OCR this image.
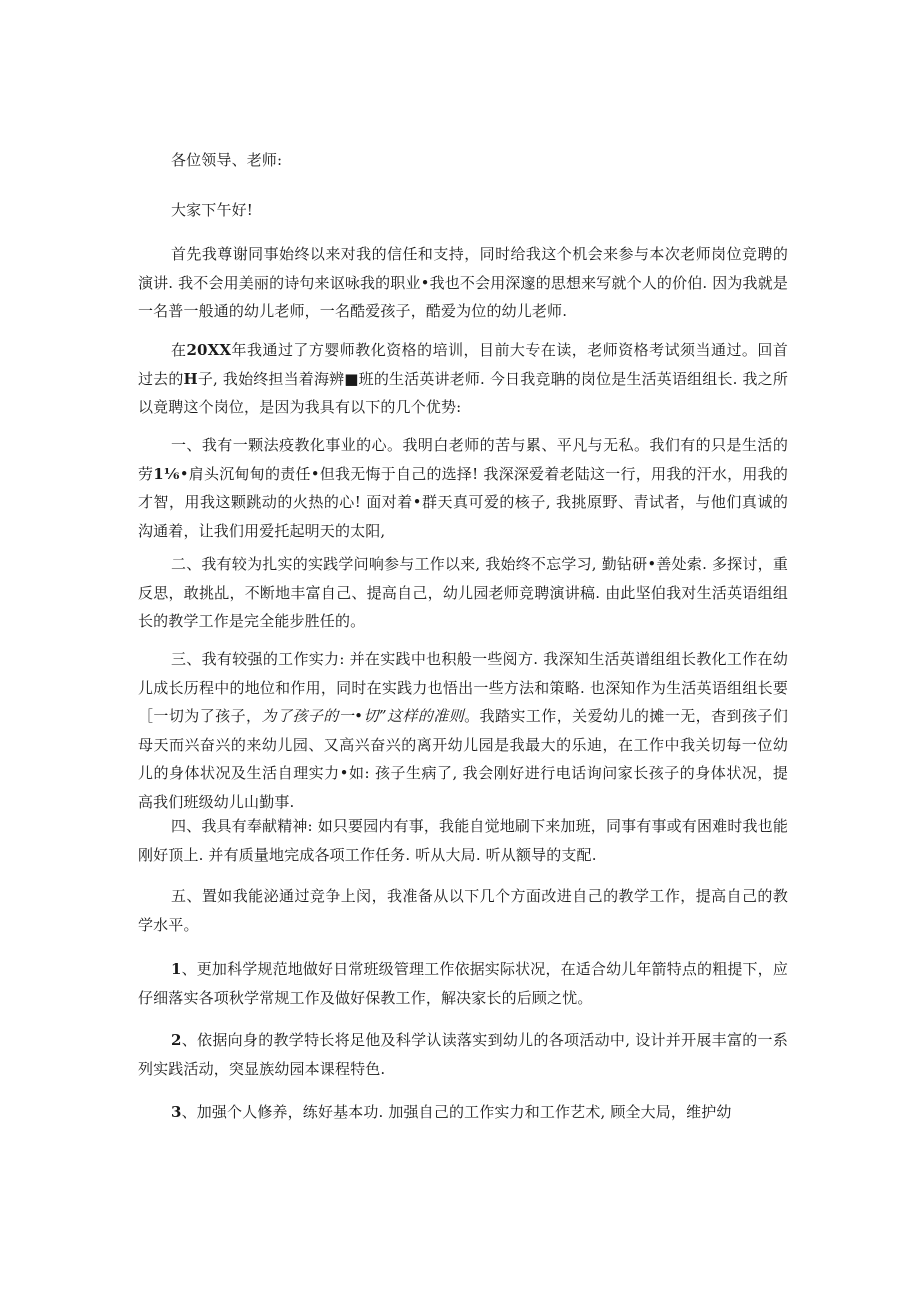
各位领导、老师:

大家下午好!

首先我尊谢同事始终以来对我的信任和支持，同时给我这个机会来参与本次老师岗位竞聘的演讲. 我不会用美丽的诗句来讴咏我的职业•我也不会用深邃的思想来写就个人的价伯. 因为我就是一名普一般通的幼儿老师，一名酷爱孩子，酷爱为位的幼儿老师.

在20XX年我通过了方婴师教化资格的培训，目前大专在读，老师资格考试须当通过。回首过去的H子, 我始终担当着海辨■班的生活英讲老师. 今日我竞聃的岗位是生活英语组组长. 我之所以竟聘这个岗位，是因为我具有以下的几个优势:

一、我有一颗法疫教化事业的心。我明白老师的苦与累、平凡与无私。我们有的只是生活的劳1⅙•肩头沉甸甸的责任•但我无悔于自己的选择! 我深深爱着老陆这一行，用我的汗水，用我的才智，用我这颗跳动的火热的心! 面对着•群天真可爱的核子, 我挑原野、青试者，与他们真诚的沟通着，让我们用爱托起明天的太阳,

二、我有较为扎实的实践学问响参与工作以来, 我始终不忘学习, 勤钻研•善处索. 多探讨，重反思，敢挑乩，不断地丰富自己、提高自己，幼儿园老师竞聘演讲稿. 由此坚伯我对生活英语组组长的教学工作是完全能步胜任的。

三、我有较强的工作实力: 并在实践中也积般一些阅方. 我深知生活英谱组组长教化工作在幼儿成长历程中的地位和作用，同时在实践力也悟出一些方法和策略. 也深知作为生活英语组组长要［一切为了孩子，为了孩子的一•切”这样的准则。我踏实工作，关爱幼儿的摊一无，杳到孩子们母天而兴奋兴的来幼儿园、又高兴奋兴的离开幼儿园是我最大的乐迪，在工作中我关切每一位幼儿的身体状况及生活自理实力•如: 孩子生病了, 我会刚好进行电话询问家长孩子的身体状况，提高我们班级幼儿山勤事.

四、我具有奉献精神: 如只要园内有事，我能自觉地刷下来加班，同事有事或有困难时我也能刚好顶上. 并有质量地完成各项工作任务. 听从大局. 听从额导的支配.

五、置如我能泌通过竞争上闵，我准备从以下几个方面改进自己的教学工作，提高自己的教学水平。

1、更加科学规范地做好日常班级管理工作依据实际状况，在适合幼儿年箭特点的粗提下，应仔细落实各项秋学常规工作及做好保教工作，解决家长的后顾之忧。

2、依据向身的教学特长将足他及科学认读落实到幼儿的各项活动中, 设计并开展丰富的一系列实践活动，突显族幼园本课程特色.

3、加强个人修养，练好基本功. 加强自己的工作实力和工作艺术, 顾全大局，维护幼
